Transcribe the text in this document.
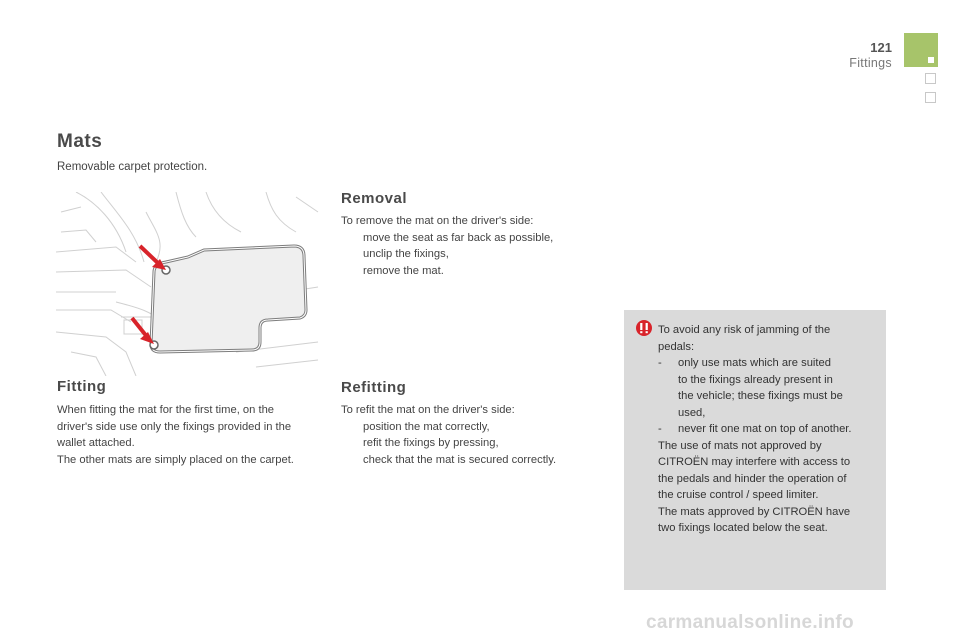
121
Fittings
Mats
Removable carpet protection.
Fitting
When fitting the mat for the first time, on the
driver's side use only the fixings provided in the
wallet attached.
The other mats are simply placed on the carpet.
Removal
To remove the mat on the driver's side:
move the seat as far back as possible,
unclip the fixings,
remove the mat.
Refitting
To refit the mat on the driver's side:
position the mat correctly,
refit the fixings by pressing,
check that the mat is secured correctly.
To avoid any risk of jamming of the
pedals:
- only use mats which are suited
to the fixings already present in
the vehicle; these fixings must be
used,
- never fit one mat on top of another.
The use of mats not approved by
CITROËN may interfere with access to
the pedals and hinder the operation of
the cruise control / speed limiter.
The mats approved by CITROËN have
two fixings located below the seat.
carmanualsonline.info
